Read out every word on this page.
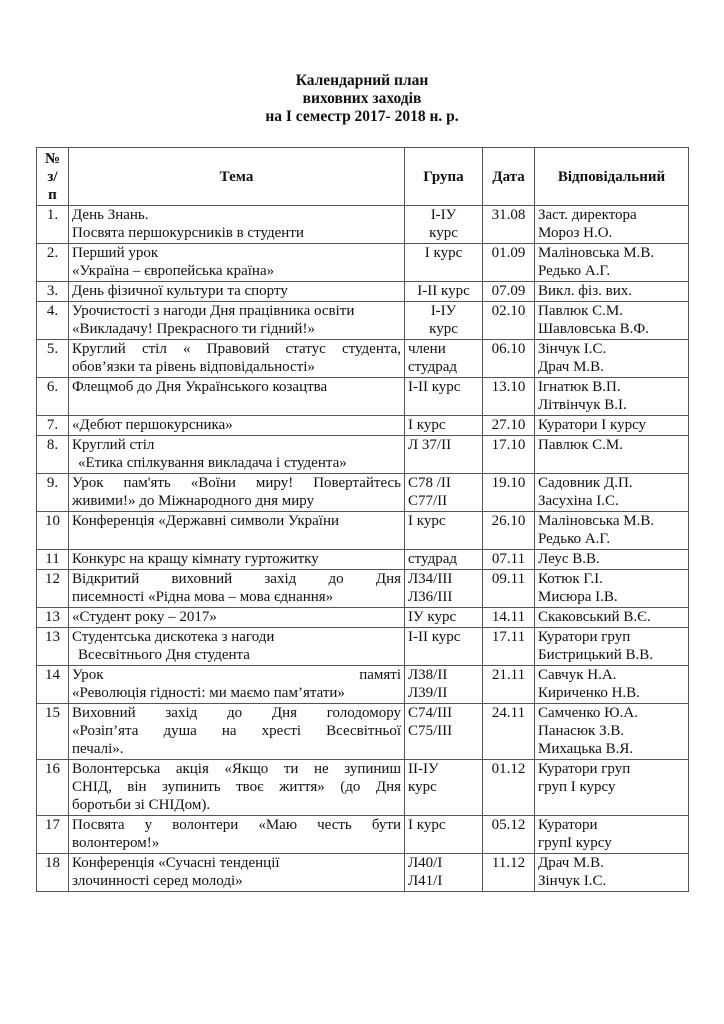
Календарний план
виховних заходів
на I семестр 2017- 2018 н. р.
№
з/
п
	Тема	Група	Дата	Відповідальний
1.	День Знань.
Посвята першокурсників в студенти

І-ІУ
курс
	31.08	Заст. директора
Мороз Н.О.

2.	Перший урок
«Україна – європейська країна»

І курс	01.09	Маліновська М.В.
Редько А.Г.

3.	День фізичної культури та спорту	І-ІІ курс	07.09	Викл. фіз. вих.

4.	Урочистості з нагоди Дня працівника освіти
«Викладачу! Прекрасного ти гідний!»

І-ІУ
курс
	02.10	Павлюк С.М.
Шавловська В.Ф.

5.	Круглий стіл « Правовий статус студента,
обов’язки та рівень відповідальності»

члени
студрад
	06.10	Зінчук І.С.
Драч М.В.

6.	Флещмоб до Дня Українського козацтва	І-ІІ курс	13.10	Ігнатюк В.П.
Літвінчук В.І.

7.	«Дебют першокурсника»	І курс	27.10	Куратори І курсу

8.	Круглий стіл
«Етика спілкування викладача і студента»

Л 37/ІІ	17.10	Павлюк С.М.

9.	Урок пам'ять «Воїни миру! Повертайтесь
живими!» до Міжнародного дня миру

С78 /ІІ
С77/ІІ
	19.10	Садовник Д.П.
Засухіна І.С.

10	Конференція «Державні символи України	І курс	26.10	Маліновська М.В.
Редько А.Г.

11	Конкурс на кращу кімнату гуртожитку	студрад	07.11	Леус В.В.

12	Відкритий виховний захід до Дня
писемності «Рідна мова – мова єднання»

Л34/ІІІ
Л36/ІІІ
	09.11	Котюк Г.І.
Мисюра І.В.

13	«Студент року – 2017»	ІУ курс	14.11	Скаковський В.Є.

13	Студентська дискотека з нагоди
Всесвітнього Дня студента

І-ІІ курс	17.11	Куратори груп
Бистрицький В.В.

14	Урок памяті
«Революція гідності: ми маємо пам’ятати»

Л38/ІІ
Л39/ІІ
	21.11	Савчук Н.А.
Кириченко Н.В.

15	Виховний захід до Дня голодомору
«Розіп’ята душа на хресті Всесвітньої
печалі».

С74/ІІІ
С75/ІІІ
	24.11	Самченко Ю.А.
Панасюк З.В.
Михацька В.Я.

16	Волонтерська акція «Якщо ти не зупиниш
СНІД, він зупинить твоє життя» (до Дня
боротьби зі СНІДом).

ІІ-ІУ
курс
	01.12	Куратори груп
груп І курсу

17	Посвята у волонтери «Маю честь бути
волонтером!»

І курс	05.12	Куратори
групІ курсу

18	Конференція «Сучасні тенденції
злочинності серед молоді»

Л40/І
Л41/І
	11.12	Драч М.В.
Зінчук І.С.
